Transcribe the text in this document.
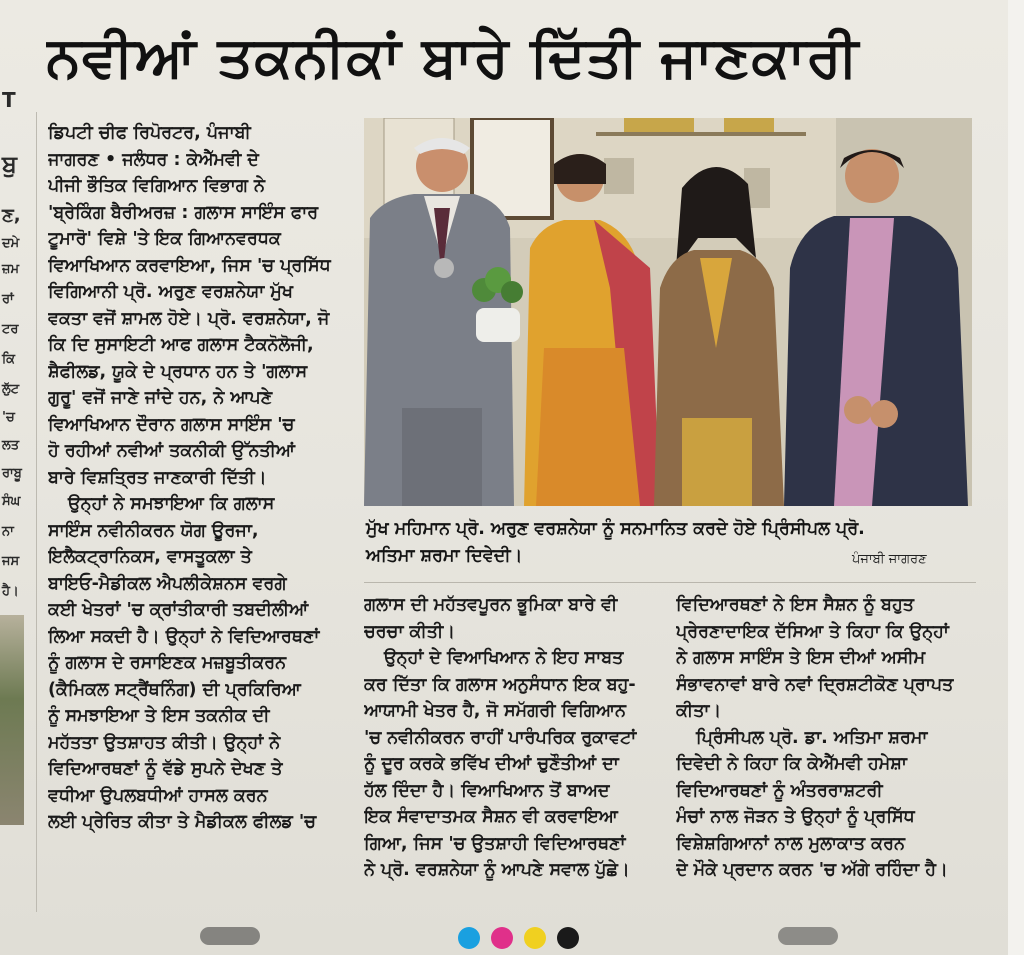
T
ਬੁ
ਣ,
ਦਮੇ
ਜ਼ਮ
ਰਾਂ
ਟਰ
ਕਿ
ਲੁੱਟ
'ਚ
ਲਤ
ਰਾਬੂ
ਸੰਘ
ਨਾ
ਜਸ
ਹੈ।
ਨਵੀਆਂ ਤਕਨੀਕਾਂ ਬਾਰੇ ਦਿੱਤੀ ਜਾਣਕਾਰੀ
ਡਿਪਟੀ ਚੀਫ ਰਿਪੋਰਟਰ, ਪੰਜਾਬੀ
ਜਾਗਰਣ • ਜਲੰਧਰ : ਕੇਐੱਮਵੀ ਦੇ
ਪੀਜੀ ਭੌਤਿਕ ਵਿਗਿਆਨ ਵਿਭਾਗ ਨੇ
'ਬ੍ਰੇਕਿੰਗ ਬੈਰੀਅਰਜ਼ : ਗਲਾਸ ਸਾਇੰਸ ਫਾਰ
ਟੂਮਾਰੋ' ਵਿਸ਼ੇ 'ਤੇ ਇਕ ਗਿਆਨਵਰਧਕ
ਵਿਆਖਿਆਨ ਕਰਵਾਇਆ, ਜਿਸ 'ਚ ਪ੍ਰਸਿੱਧ
ਵਿਗਿਆਨੀ ਪ੍ਰੋ. ਅਰੁਣ ਵਰਸ਼ਨੇਯਾ ਮੁੱਖ
ਵਕਤਾ ਵਜੋਂ ਸ਼ਾਮਲ ਹੋਏ। ਪ੍ਰੋ. ਵਰਸ਼ਨੇਯਾ, ਜੋ
ਕਿ ਦਿ ਸੁਸਾਇਟੀ ਆਫ ਗਲਾਸ ਟੈਕਨੋਲੋਜੀ,
ਸ਼ੈਫੀਲਡ, ਯੂਕੇ ਦੇ ਪ੍ਰਧਾਨ ਹਨ ਤੇ 'ਗਲਾਸ
ਗੁਰੂ' ਵਜੋਂ ਜਾਣੇ ਜਾਂਦੇ ਹਨ, ਨੇ ਆਪਣੇ
ਵਿਆਖਿਆਨ ਦੌਰਾਨ ਗਲਾਸ ਸਾਇੰਸ 'ਚ
ਹੋ ਰਹੀਆਂ ਨਵੀਆਂ ਤਕਨੀਕੀ ਉੱਨਤੀਆਂ
ਬਾਰੇ ਵਿਸ਼ਤ੍ਰਿਤ ਜਾਣਕਾਰੀ ਦਿੱਤੀ।
ਉਨ੍ਹਾਂ ਨੇ ਸਮਝਾਇਆ ਕਿ ਗਲਾਸ
ਸਾਇੰਸ ਨਵੀਨੀਕਰਨ ਯੋਗ ਊਰਜਾ,
ਇਲੈਕਟ੍ਰਾਨਿਕਸ, ਵਾਸਤੂਕਲਾ ਤੇ
ਬਾਇਓ-ਮੈਡੀਕਲ ਐਪਲੀਕੇਸ਼ਨਸ ਵਰਗੇ
ਕਈ ਖੇਤਰਾਂ 'ਚ ਕ੍ਰਾਂਤੀਕਾਰੀ ਤਬਦੀਲੀਆਂ
ਲਿਆ ਸਕਦੀ ਹੈ। ਉਨ੍ਹਾਂ ਨੇ ਵਿਦਿਆਰਥਣਾਂ
ਨੂੰ ਗਲਾਸ ਦੇ ਰਸਾਇਣਕ ਮਜ਼ਬੂਤੀਕਰਨ
(ਕੈਮਿਕਲ ਸਟ੍ਰੈਂਥਨਿੰਗ) ਦੀ ਪ੍ਰਕਿਰਿਆ
ਨੂੰ ਸਮਝਾਇਆ ਤੇ ਇਸ ਤਕਨੀਕ ਦੀ
ਮਹੱਤਤਾ ਉਤਸ਼ਾਹਤ ਕੀਤੀ। ਉਨ੍ਹਾਂ ਨੇ
ਵਿਦਿਆਰਥਣਾਂ ਨੂੰ ਵੱਡੇ ਸੁਪਨੇ ਦੇਖਣ ਤੇ
ਵਧੀਆ ਉਪਲਬਧੀਆਂ ਹਾਸਲ ਕਰਨ
ਲਈ ਪ੍ਰੇਰਿਤ ਕੀਤਾ ਤੇ ਮੈਡੀਕਲ ਫੀਲਡ 'ਚ
ਮੁੱਖ ਮਹਿਮਾਨ ਪ੍ਰੋ. ਅਰੁਣ ਵਰਸ਼ਨੇਯਾ ਨੂੰ ਸਨਮਾਨਿਤ ਕਰਦੇ ਹੋਏ ਪ੍ਰਿੰਸੀਪਲ ਪ੍ਰੋ.
ਅਤਿਮਾ ਸ਼ਰਮਾ ਦਿਵੇਦੀ।	ਪੰਜਾਬੀ ਜਾਗਰਣ
ਗਲਾਸ ਦੀ ਮਹੱਤਵਪੂਰਨ ਭੂਮਿਕਾ ਬਾਰੇ ਵੀ
ਚਰਚਾ ਕੀਤੀ।
ਉਨ੍ਹਾਂ ਦੇ ਵਿਆਖਿਆਨ ਨੇ ਇਹ ਸਾਬਤ
ਕਰ ਦਿੱਤਾ ਕਿ ਗਲਾਸ ਅਨੁਸੰਧਾਨ ਇਕ ਬਹੁ-
ਆਯਾਮੀ ਖੇਤਰ ਹੈ, ਜੋ ਸਮੱਗਰੀ ਵਿਗਿਆਨ
'ਚ ਨਵੀਨੀਕਰਨ ਰਾਹੀਂ ਪਾਰੰਪਰਿਕ ਰੁਕਾਵਟਾਂ
ਨੂੰ ਦੂਰ ਕਰਕੇ ਭਵਿੱਖ ਦੀਆਂ ਚੁਣੌਤੀਆਂ ਦਾ
ਹੱਲ ਦਿੰਦਾ ਹੈ। ਵਿਆਖਿਆਨ ਤੋਂ ਬਾਅਦ
ਇਕ ਸੰਵਾਦਾਤਮਕ ਸੈਸ਼ਨ ਵੀ ਕਰਵਾਇਆ
ਗਿਆ, ਜਿਸ 'ਚ ਉਤਸ਼ਾਹੀ ਵਿਦਿਆਰਥਣਾਂ
ਨੇ ਪ੍ਰੋ. ਵਰਸ਼ਨੇਯਾ ਨੂੰ ਆਪਣੇ ਸਵਾਲ ਪੁੱਛੇ।
ਵਿਦਿਆਰਥਣਾਂ ਨੇ ਇਸ ਸੈਸ਼ਨ ਨੂੰ ਬਹੁਤ
ਪ੍ਰੇਰਣਾਦਾਇਕ ਦੱਸਿਆ ਤੇ ਕਿਹਾ ਕਿ ਉਨ੍ਹਾਂ
ਨੇ ਗਲਾਸ ਸਾਇੰਸ ਤੇ ਇਸ ਦੀਆਂ ਅਸੀਮ
ਸੰਭਾਵਨਾਵਾਂ ਬਾਰੇ ਨਵਾਂ ਦ੍ਰਿਸ਼ਟੀਕੋਣ ਪ੍ਰਾਪਤ
ਕੀਤਾ।
ਪ੍ਰਿੰਸੀਪਲ ਪ੍ਰੋ. ਡਾ. ਅਤਿਮਾ ਸ਼ਰਮਾ
ਦਿਵੇਦੀ ਨੇ ਕਿਹਾ ਕਿ ਕੇਐੱਮਵੀ ਹਮੇਸ਼ਾ
ਵਿਦਿਆਰਥਣਾਂ ਨੂੰ ਅੰਤਰਰਾਸ਼ਟਰੀ
ਮੰਚਾਂ ਨਾਲ ਜੋੜਨ ਤੇ ਉਨ੍ਹਾਂ ਨੂੰ ਪ੍ਰਸਿੱਧ
ਵਿਸ਼ੇਸ਼ਗਿਆਨਾਂ ਨਾਲ ਮੁਲਾਕਾਤ ਕਰਨ
ਦੇ ਮੌਕੇ ਪ੍ਰਦਾਨ ਕਰਨ 'ਚ ਅੱਗੇ ਰਹਿੰਦਾ ਹੈ।
